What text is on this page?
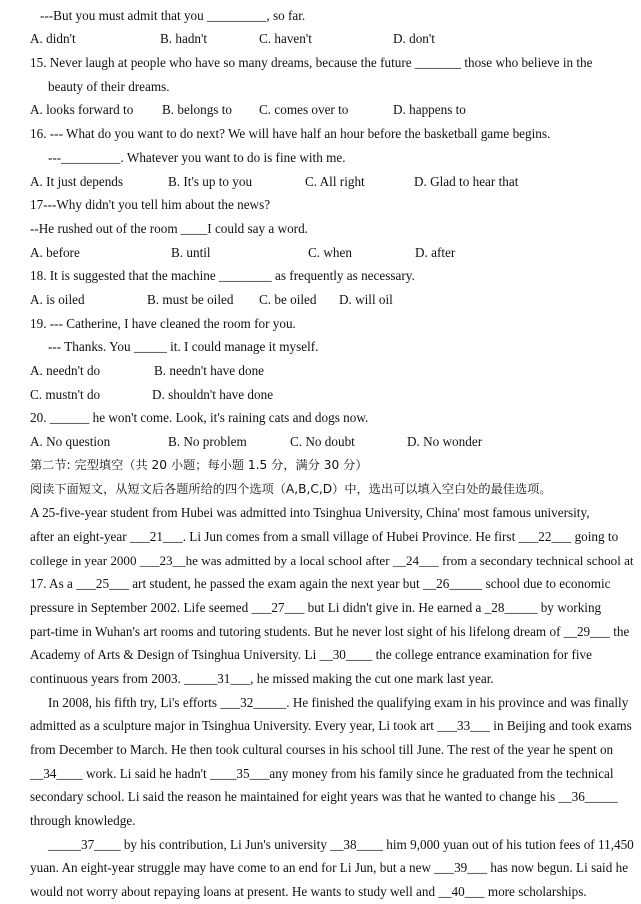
---But you must admit that you _________, so far.
A. didn't	B. hadn't	C. haven't	D. don't
15. Never laugh at people who have so many dreams, because the future _______ those who believe in the
beauty of their dreams.
A. looks forward to B. belongs to C. comes over to	D. happens to
16. --- What do you want to do next? We will have half an hour before the basketball game begins.
---_________. Whatever you want to do is fine with me.
A. It just depends	B. It's up to you	C. All right	D. Glad to hear that
17---Why didn't you tell him about the news?
--He rushed out of the room ____I could say a word.
A. before	B. until	C. when	D. after
18. It is suggested that the machine ________ as frequently as necessary.
A. is oiled	B. must be oiled C. be oiled D. will oil
19. --- Catherine, I have cleaned the room for you.
--- Thanks. You _____ it. I could manage it myself.
A. needn't do	B. needn't have done
C. mustn't do	D. shouldn't have done
20. ______ he won't come. Look, it's raining cats and dogs now.
A. No question	B. No problem	C. No doubt	D. No wonder
第二节: 完型填空（共 20 小题；每小题 1.5 分，满分 30 分）
阅读下面短文，从短文后各题所给的四个选项（A,B,C,D）中，选出可以填入空白处的最佳选项。
A 25-five-year student from Hubei was admitted into Tsinghua University, China' most famous university,
after an eight-year ___21___. Li Jun comes from a small village of Hubei Province. He first ___22___ going to
college in year 2000 ___23__he was admitted by a local school after __24___ from a secondary technical school at
17. As a ___25___ art student, he passed the exam again the next year but __26_____ school due to economic
pressure in September 2002. Life seemed ___27___ but Li didn't give in. He earned a _28_____ by working
part-time in Wuhan's art rooms and tutoring students. But he never lost sight of his lifelong dream of __29___ the
Academy of Arts & Design of Tsinghua University. Li __30____ the college entrance examination for five
continuous years from 2003. _____31___, he missed making the cut one mark last year.
In 2008, his fifth try, Li's efforts ___32_____. He finished the qualifying exam in his province and was finally
admitted as a sculpture major in Tsinghua University. Every year, Li took art ___33___ in Beijing and took exams
from December to March. He then took cultural courses in his school till June. The rest of the year he spent on
__34____ work. Li said he hadn't ____35___any money from his family since he graduated from the technical
secondary school. Li said the reason he maintained for eight years was that he wanted to change his __36_____
through knowledge.
_____37____ by his contribution, Li Jun's university __38____ him 9,000 yuan out of his tution fees of 11,450
yuan. An eight-year struggle may have come to an end for Li Jun, but a new ___39___ has now begun. Li said he
would not worry about repaying loans at present. He wants to study well and __40___ more scholarships.
